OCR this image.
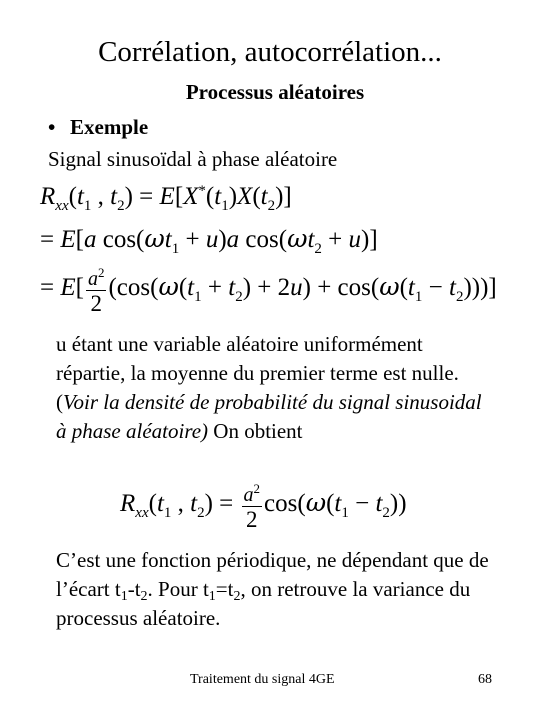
Corrélation, autocorrélation...
Processus aléatoires
• Exemple
Signal sinusoïdal à phase aléatoire
$R_{xx}(t_1$ , $t_2) = E[X^*(t_1)X(t_2)]$
= E[a $\cos(\omega t_1 + u)a$ $\cos(\omega t_2 + u)$]
= $E[ \frac{a^2}{2} (\cos(\omega(t_1 + t_2) + 2u) + \cos(\omega(t_1 - t_2)))]$
u étant une variable aléatoire uniformément répartie, la moyenne du premier terme est nulle. (Voir la densité de probabilité du signal sinusoidal à phase aléatoire) On obtient
$R_{xx}(t_1$ , $t_2) = \frac{a^2}{2} \cos(\omega(t_1 - t_2))$
C’est une fonction périodique, ne dépendant que de l’écart $t_1-t_2$. Pour $t_1=t_2$, on retrouve la variance du processus aléatoire.
Traitement du signal 4GE	68
